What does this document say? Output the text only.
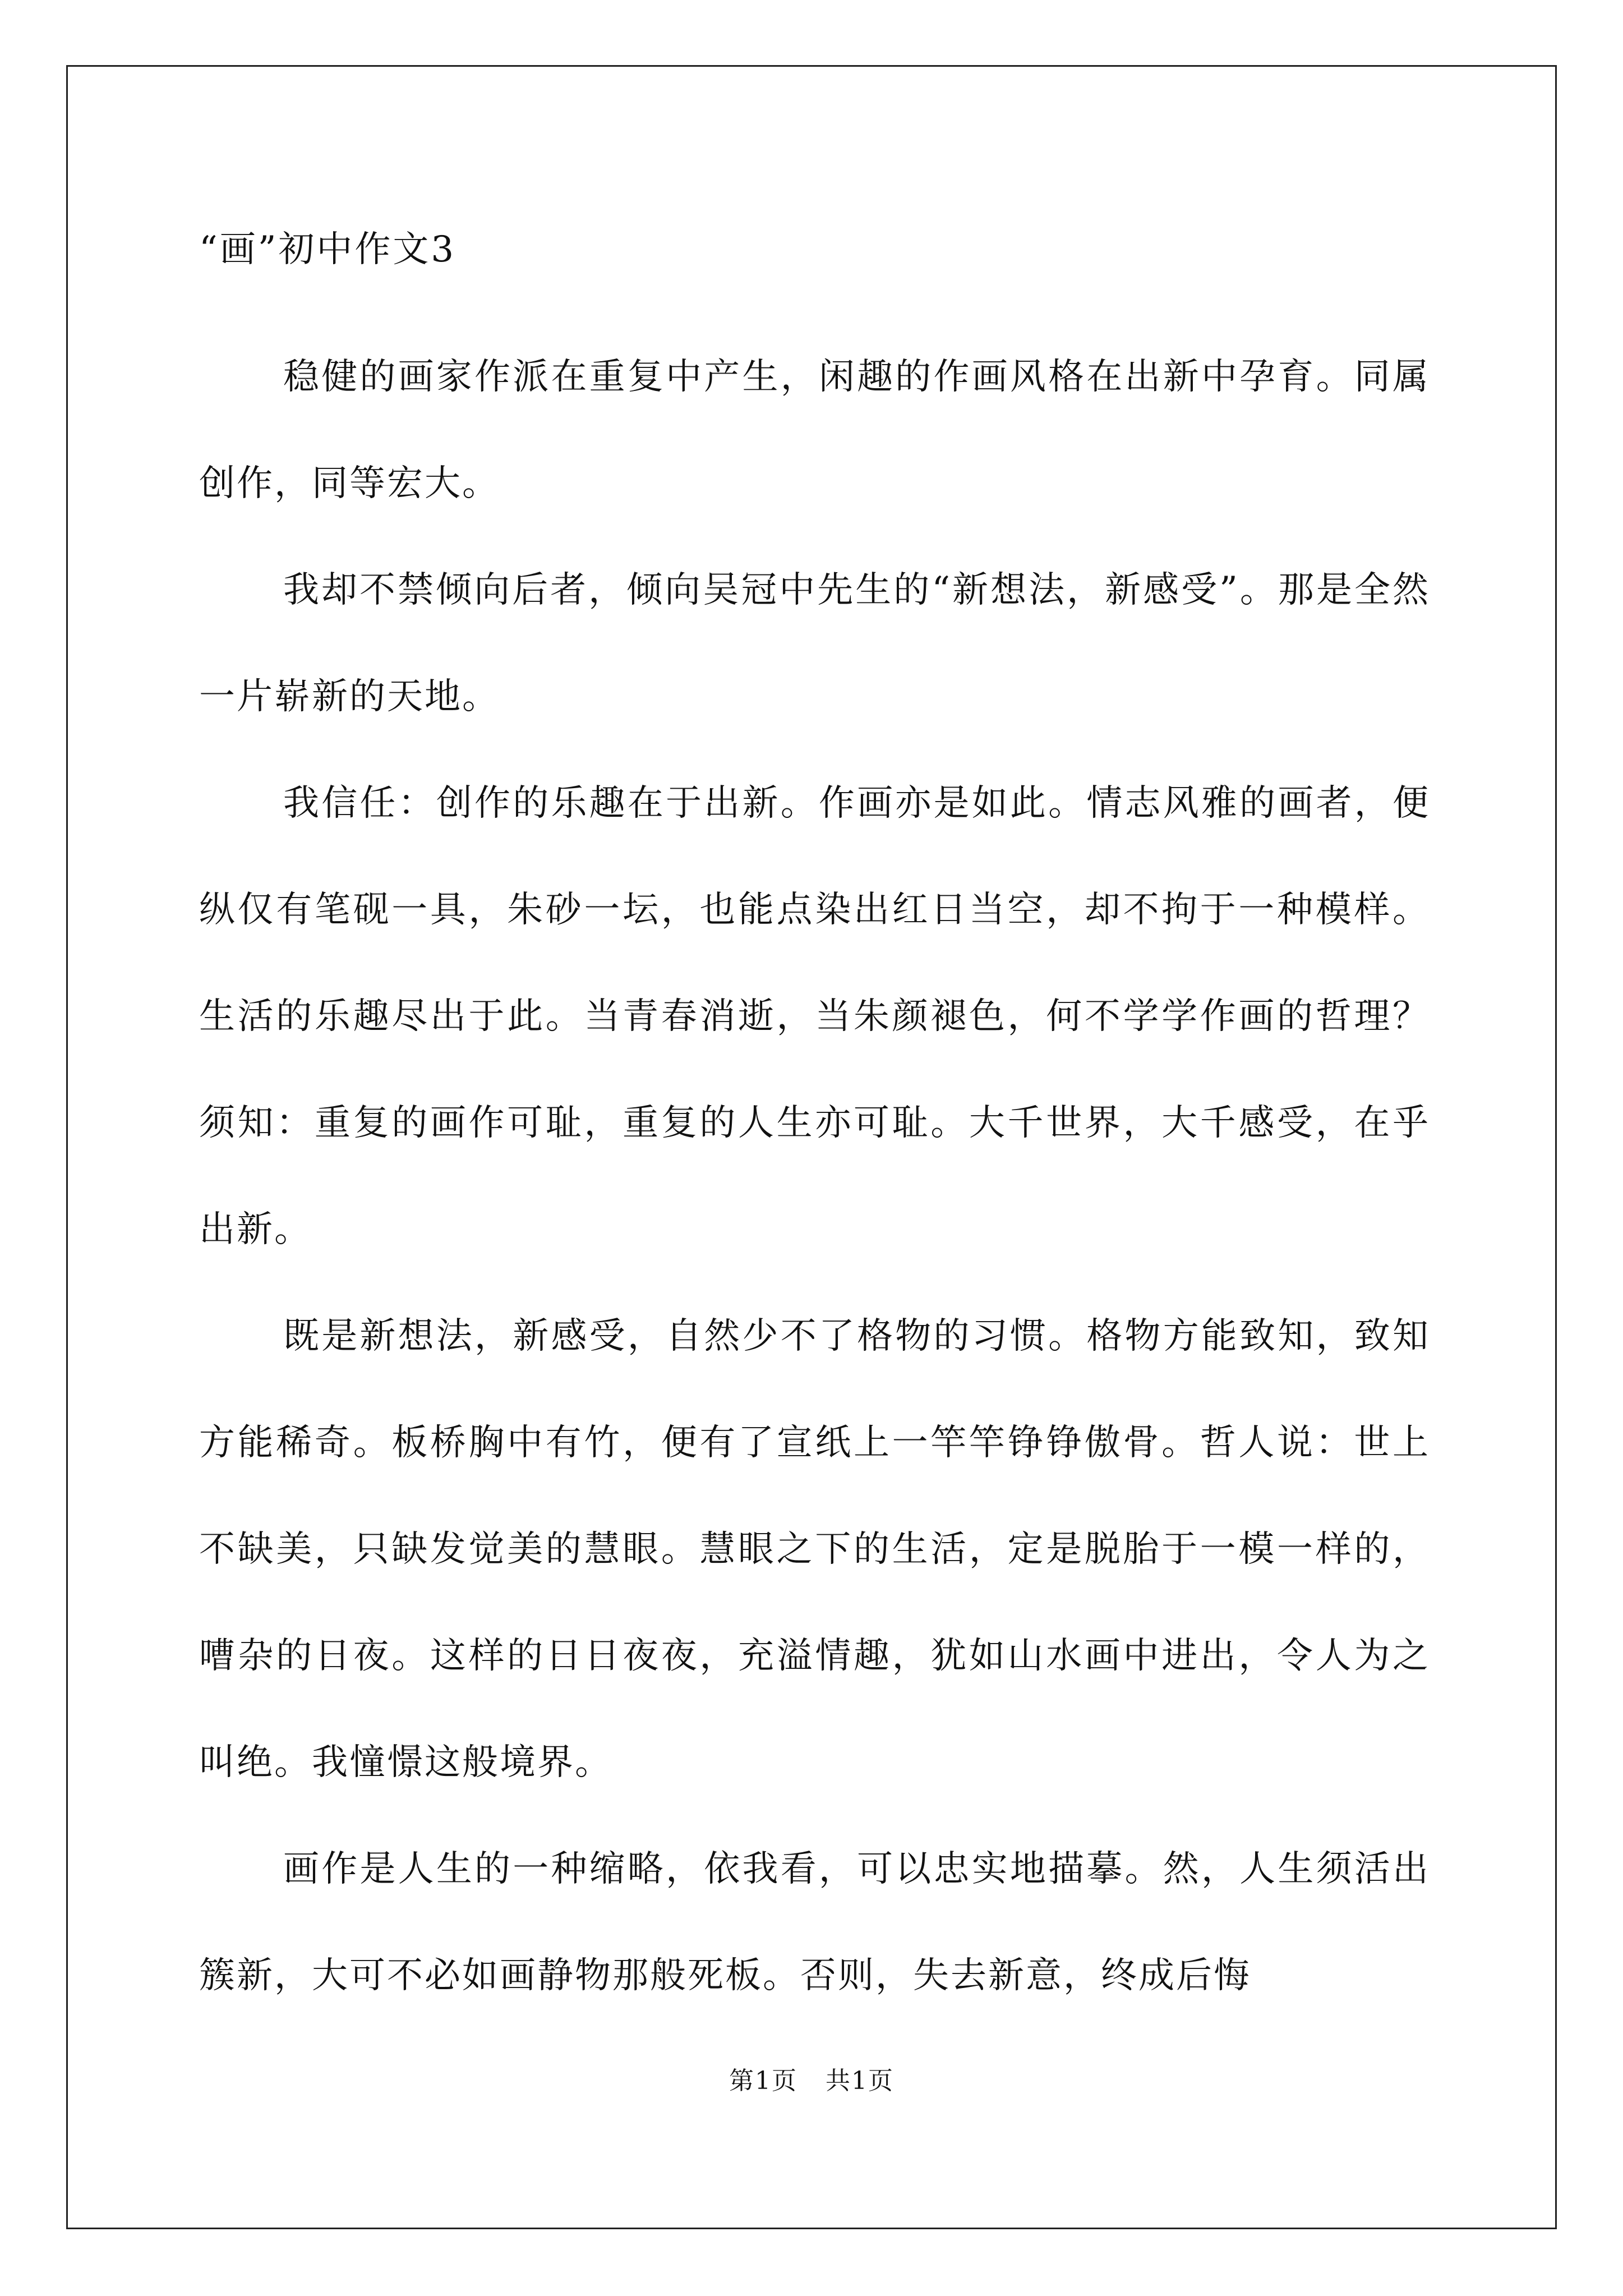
“画”初中作文3

稳健的画家作派在重复中产生，闲趣的作画风格在出新中孕育。同属创作，同等宏大。

我却不禁倾向后者，倾向吴冠中先生的“新想法，新感受”。那是全然一片崭新的天地。

我信任：创作的乐趣在于出新。作画亦是如此。情志风雅的画者，便纵仅有笔砚一具，朱砂一坛，也能点染出红日当空，却不拘于一种模样。生活的乐趣尽出于此。当青春消逝，当朱颜褪色，何不学学作画的哲理？须知：重复的画作可耻，重复的人生亦可耻。大千世界，大千感受，在乎出新。

既是新想法，新感受，自然少不了格物的习惯。格物方能致知，致知方能稀奇。板桥胸中有竹，便有了宣纸上一竿竿铮铮傲骨。哲人说：世上不缺美，只缺发觉美的慧眼。慧眼之下的生活，定是脱胎于一模一样的，嘈杂的日夜。这样的日日夜夜，充溢情趣，犹如山水画中进出，令人为之叫绝。我憧憬这般境界。

画作是人生的一种缩略，依我看，可以忠实地描摹。然，人生须活出簇新，大可不必如画静物那般死板。否则，失去新意，终成后悔

第1页 共1页
